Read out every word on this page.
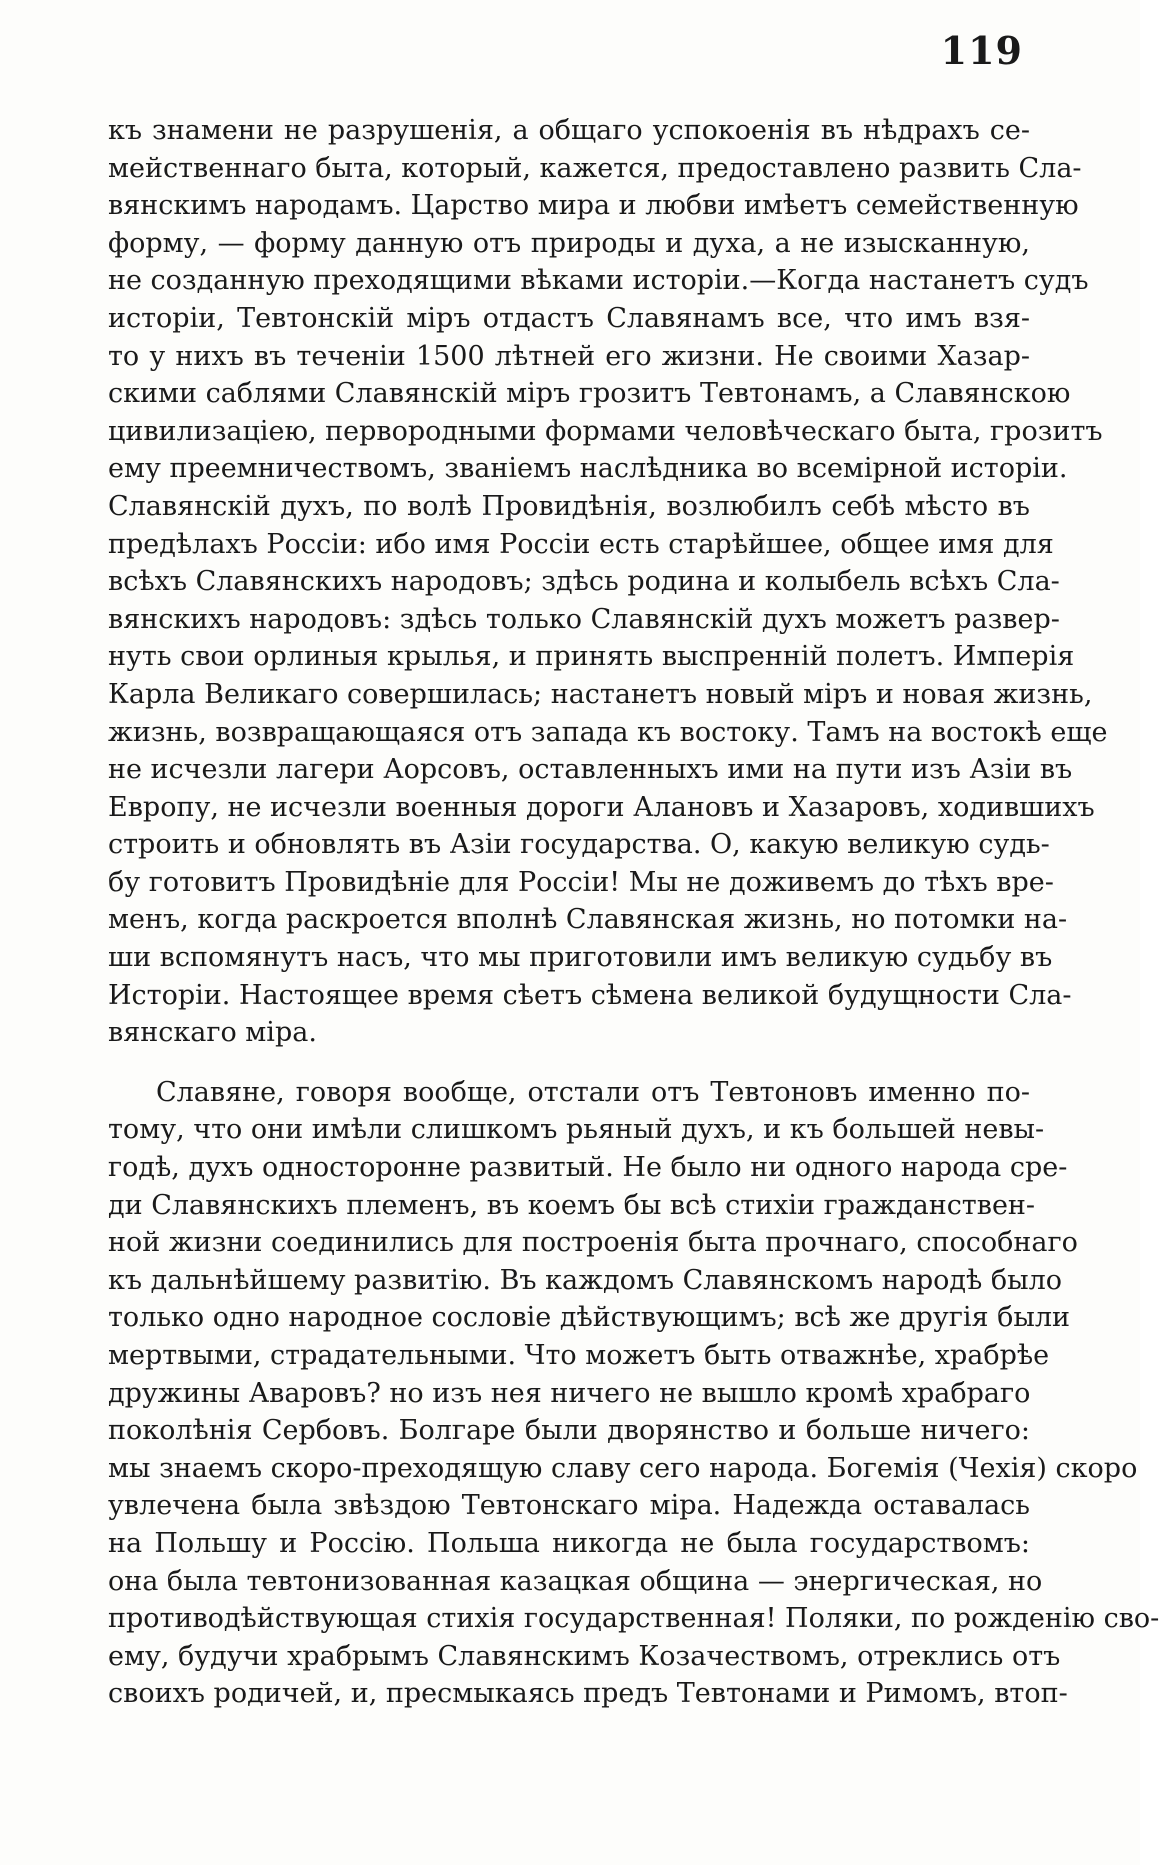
119
къ знамени не разрушенія, а общаго успокоенія въ нѣдрахъ се-
мейственнаго быта, который, кажется, предоставлено развить Сла-
вянскимъ народамъ. Царство мира и любви имѣетъ семейственную
форму, — форму данную отъ природы и духа, а не изысканную,
не созданную преходящими вѣками исторіи.—Когда настанетъ судъ
исторіи, Тевтонскій міръ отдастъ Славянамъ все, что имъ взя-
то у нихъ въ теченіи 1500 лѣтней его жизни. Не своими Хазар-
скими саблями Славянскій міръ грозитъ Тевтонамъ, а Славянскою
цивилизаціею, первородными формами человѣческаго быта, грозитъ
ему преемничествомъ, званіемъ наслѣдника во всемірной исторіи.
Славянскій духъ, по волѣ Провидѣнія, возлюбилъ себѣ мѣсто въ
предѣлахъ Россіи: ибо имя Россіи есть старѣйшее, общее имя для
всѣхъ Славянскихъ народовъ; здѣсь родина и колыбель всѣхъ Сла-
вянскихъ народовъ: здѣсь только Славянскій духъ можетъ развер-
нуть свои орлиныя крылья, и принять выспренній полетъ. Имперія
Карла Великаго совершилась; настанетъ новый міръ и новая жизнь,
жизнь, возвращающаяся отъ запада къ востоку. Тамъ на востокѣ еще
не исчезли лагери Аорсовъ, оставленныхъ ими на пути изъ Азіи въ
Европу, не исчезли военныя дороги Алановъ и Хазаровъ, ходившихъ
строить и обновлять въ Азіи государства. О, какую великую судь-
бу готовитъ Провидѣніе для Россіи! Мы не доживемъ до тѣхъ вре-
менъ, когда раскроется вполнѣ Славянская жизнь, но потомки на-
ши вспомянутъ насъ, что мы приготовили имъ великую судьбу въ
Исторіи. Настоящее время сѣетъ сѣмена великой будущности Сла-
вянскаго міра.
Славяне, говоря вообще, отстали отъ Тевтоновъ именно по-
тому, что они имѣли слишкомъ рьяный духъ, и къ большей невы-
годѣ, духъ односторонне развитый. Не было ни одного народа сре-
ди Славянскихъ племенъ, въ коемъ бы всѣ стихіи гражданствен-
ной жизни соединились для построенія быта прочнаго, способнаго
къ дальнѣйшему развитію. Въ каждомъ Славянскомъ народѣ было
только одно народное сословіе дѣйствующимъ; всѣ же другія были
мертвыми, страдательными. Что можетъ быть отважнѣе, храбрѣе
дружины Аваровъ? но изъ нея ничего не вышло кромѣ храбраго
поколѣнія Сербовъ. Болгаре были дворянство и больше ничего:
мы знаемъ скоро-преходящую славу сего народа. Богемія (Чехія) скоро
увлечена была звѣздою Тевтонскаго міра. Надежда оставалась
на Польшу и Россію. Польша никогда не была государствомъ:
она была тевтонизованная казацкая община — энергическая, но
противодѣйствующая стихія государственная! Поляки, по рожденію сво-
ему, будучи храбрымъ Славянскимъ Козачествомъ, отреклись отъ
своихъ родичей, и, пресмыкаясь предъ Тевтонами и Римомъ, втоп-
